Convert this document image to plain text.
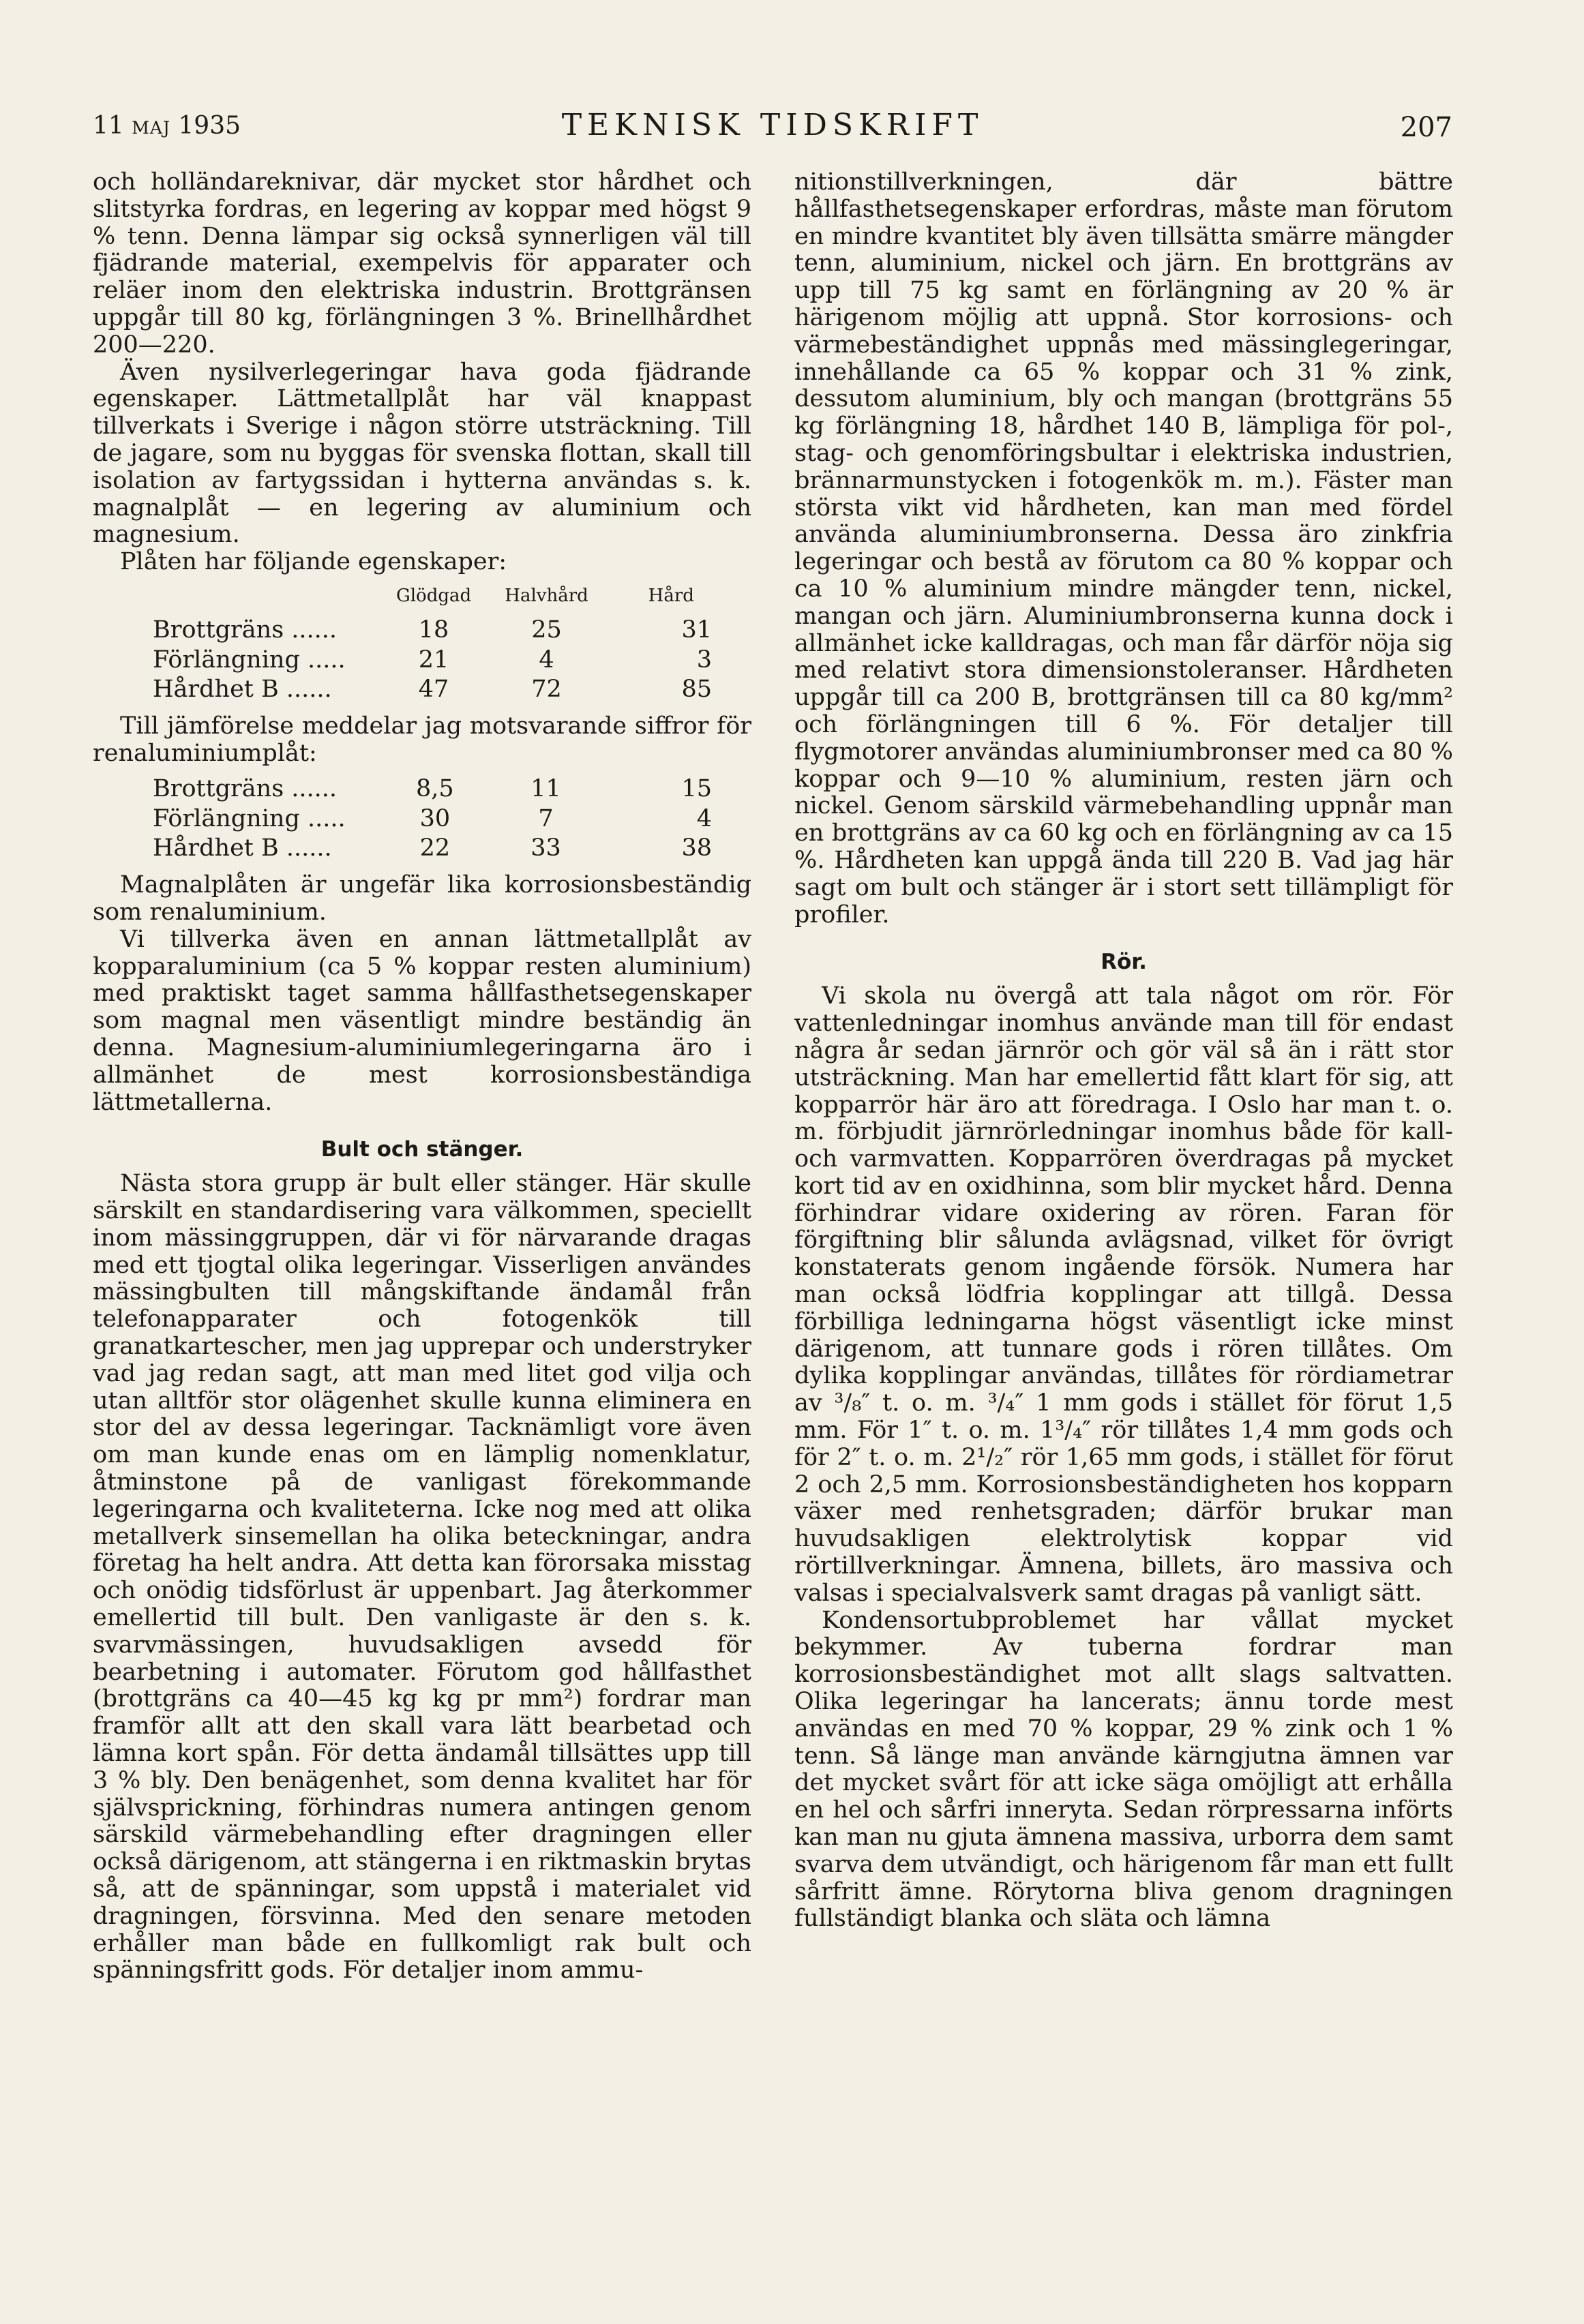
11 maj 1935	TEKNISK TIDSKRIFT	207

och holländareknivar, där mycket stor hårdhet och slitstyrka fordras, en legering av koppar med högst 9 % tenn. Denna lämpar sig också synnerligen väl till fjädrande material, exempelvis för apparater och reläer inom den elektriska industrin. Brottgränsen uppgår till 80 kg, förlängningen 3 %. Brinellhårdhet 200—220.

Även nysilverlegeringar hava goda fjädrande egenskaper. Lättmetallplåt har väl knappast tillverkats i Sverige i någon större utsträckning. Till de jagare, som nu byggas för svenska flottan, skall till isolation av fartygssidan i hytterna användas s. k. magnalplåt — en legering av aluminium och magnesium.

Plåten har följande egenskaper:

	Glödgad	Halvhård	Hård
Brottgräns ......	18	25	31
Förlängning .....	21	4	3
Hårdhet B ......	47	72	85

Till jämförelse meddelar jag motsvarande siffror för renaluminiumplåt:

Brottgräns ......	8,5	11	15
Förlängning .....	30	7	4
Hårdhet B ......	22	33	38

Magnalplåten är ungefär lika korrosionsbeständig som renaluminium.

Vi tillverka även en annan lättmetallplåt av kopparaluminium (ca 5 % koppar resten aluminium) med praktiskt taget samma hållfasthetsegenskaper som magnal men väsentligt mindre beständig än denna. Magnesium-aluminiumlegeringarna äro i allmänhet de mest korrosionsbeständiga lättmetallerna.

Bult och stänger.

Nästa stora grupp är bult eller stänger. Här skulle särskilt en standardisering vara välkommen, speciellt inom mässinggruppen, där vi för närvarande dragas med ett tjogtal olika legeringar. Visserligen användes mässingbulten till mångskiftande ändamål från telefonapparater och fotogenkök till granatkartescher, men jag upprepar och understryker vad jag redan sagt, att man med litet god vilja och utan alltför stor olägenhet skulle kunna eliminera en stor del av dessa legeringar. Tacknämligt vore även om man kunde enas om en lämplig nomenklatur, åtminstone på de vanligast förekommande legeringarna och kvaliteterna. Icke nog med att olika metallverk sinsemellan ha olika beteckningar, andra företag ha helt andra. Att detta kan förorsaka misstag och onödig tidsförlust är uppenbart. Jag återkommer emellertid till bult. Den vanligaste är den s. k. svarvmässingen, huvudsakligen avsedd för bearbetning i automater. Förutom god hållfasthet (brottgräns ca 40—45 kg kg pr mm²) fordrar man framför allt att den skall vara lätt bearbetad och lämna kort spån. För detta ändamål tillsättes upp till 3 % bly. Den benägenhet, som denna kvalitet har för självsprickning, förhindras numera antingen genom särskild värmebehandling efter dragningen eller också därigenom, att stängerna i en riktmaskin brytas så, att de spänningar, som uppstå i materialet vid dragningen, försvinna. Med den senare metoden erhåller man både en fullkomligt rak bult och spänningsfritt gods. För detaljer inom ammu-

nitionstillverkningen, där bättre hållfasthetsegenskaper erfordras, måste man förutom en mindre kvantitet bly även tillsätta smärre mängder tenn, aluminium, nickel och järn. En brottgräns av upp till 75 kg samt en förlängning av 20 % är härigenom möjlig att uppnå. Stor korrosions- och värmebeständighet uppnås med mässinglegeringar, innehållande ca 65 % koppar och 31 % zink, dessutom aluminium, bly och mangan (brottgräns 55 kg förlängning 18, hårdhet 140 B, lämpliga för pol-, stag- och genomföringsbultar i elektriska industrien, brännarmunstycken i fotogenkök m. m.). Fäster man största vikt vid hårdheten, kan man med fördel använda aluminiumbronserna. Dessa äro zinkfria legeringar och bestå av förutom ca 80 % koppar och ca 10 % aluminium mindre mängder tenn, nickel, mangan och järn. Aluminiumbronserna kunna dock i allmänhet icke kalldragas, och man får därför nöja sig med relativt stora dimensionstoleranser. Hårdheten uppgår till ca 200 B, brottgränsen till ca 80 kg/mm² och förlängningen till 6 %. För detaljer till flygmotorer användas aluminiumbronser med ca 80 % koppar och 9—10 % aluminium, resten järn och nickel. Genom särskild värmebehandling uppnår man en brottgräns av ca 60 kg och en förlängning av ca 15 %. Hårdheten kan uppgå ända till 220 B. Vad jag här sagt om bult och stänger är i stort sett tillämpligt för profiler.

Rör.

Vi skola nu övergå att tala något om rör. För vattenledningar inomhus använde man till för endast några år sedan järnrör och gör väl så än i rätt stor utsträckning. Man har emellertid fått klart för sig, att kopparrör här äro att föredraga. I Oslo har man t. o. m. förbjudit järnrörledningar inomhus både för kall- och varmvatten. Kopparrören överdragas på mycket kort tid av en oxidhinna, som blir mycket hård. Denna förhindrar vidare oxidering av rören. Faran för förgiftning blir sålunda avlägsnad, vilket för övrigt konstaterats genom ingående försök. Numera har man också lödfria kopplingar att tillgå. Dessa förbilliga ledningarna högst väsentligt icke minst därigenom, att tunnare gods i rören tillåtes. Om dylika kopplingar användas, tillåtes för rördiametrar av ³/₈″ t. o. m. ³/₄″ 1 mm gods i stället för förut 1,5 mm. För 1″ t. o. m. 1³/₄″ rör tillåtes 1,4 mm gods och för 2″ t. o. m. 2¹/₂″ rör 1,65 mm gods, i stället för förut 2 och 2,5 mm. Korrosionsbeständigheten hos kopparn växer med renhetsgraden; därför brukar man huvudsakligen elektrolytisk koppar vid rörtillverkningar. Ämnena, billets, äro massiva och valsas i specialvalsverk samt dragas på vanligt sätt.

Kondensortubproblemet har vållat mycket bekymmer. Av tuberna fordrar man korrosionsbeständighet mot allt slags saltvatten. Olika legeringar ha lancerats; ännu torde mest användas en med 70 % koppar, 29 % zink och 1 % tenn. Så länge man använde kärngjutna ämnen var det mycket svårt för att icke säga omöjligt att erhålla en hel och sårfri inneryta. Sedan rörpressarna införts kan man nu gjuta ämnena massiva, urborra dem samt svarva dem utvändigt, och härigenom får man ett fullt sårfritt ämne. Rörytorna bliva genom dragningen fullständigt blanka och släta och lämna
